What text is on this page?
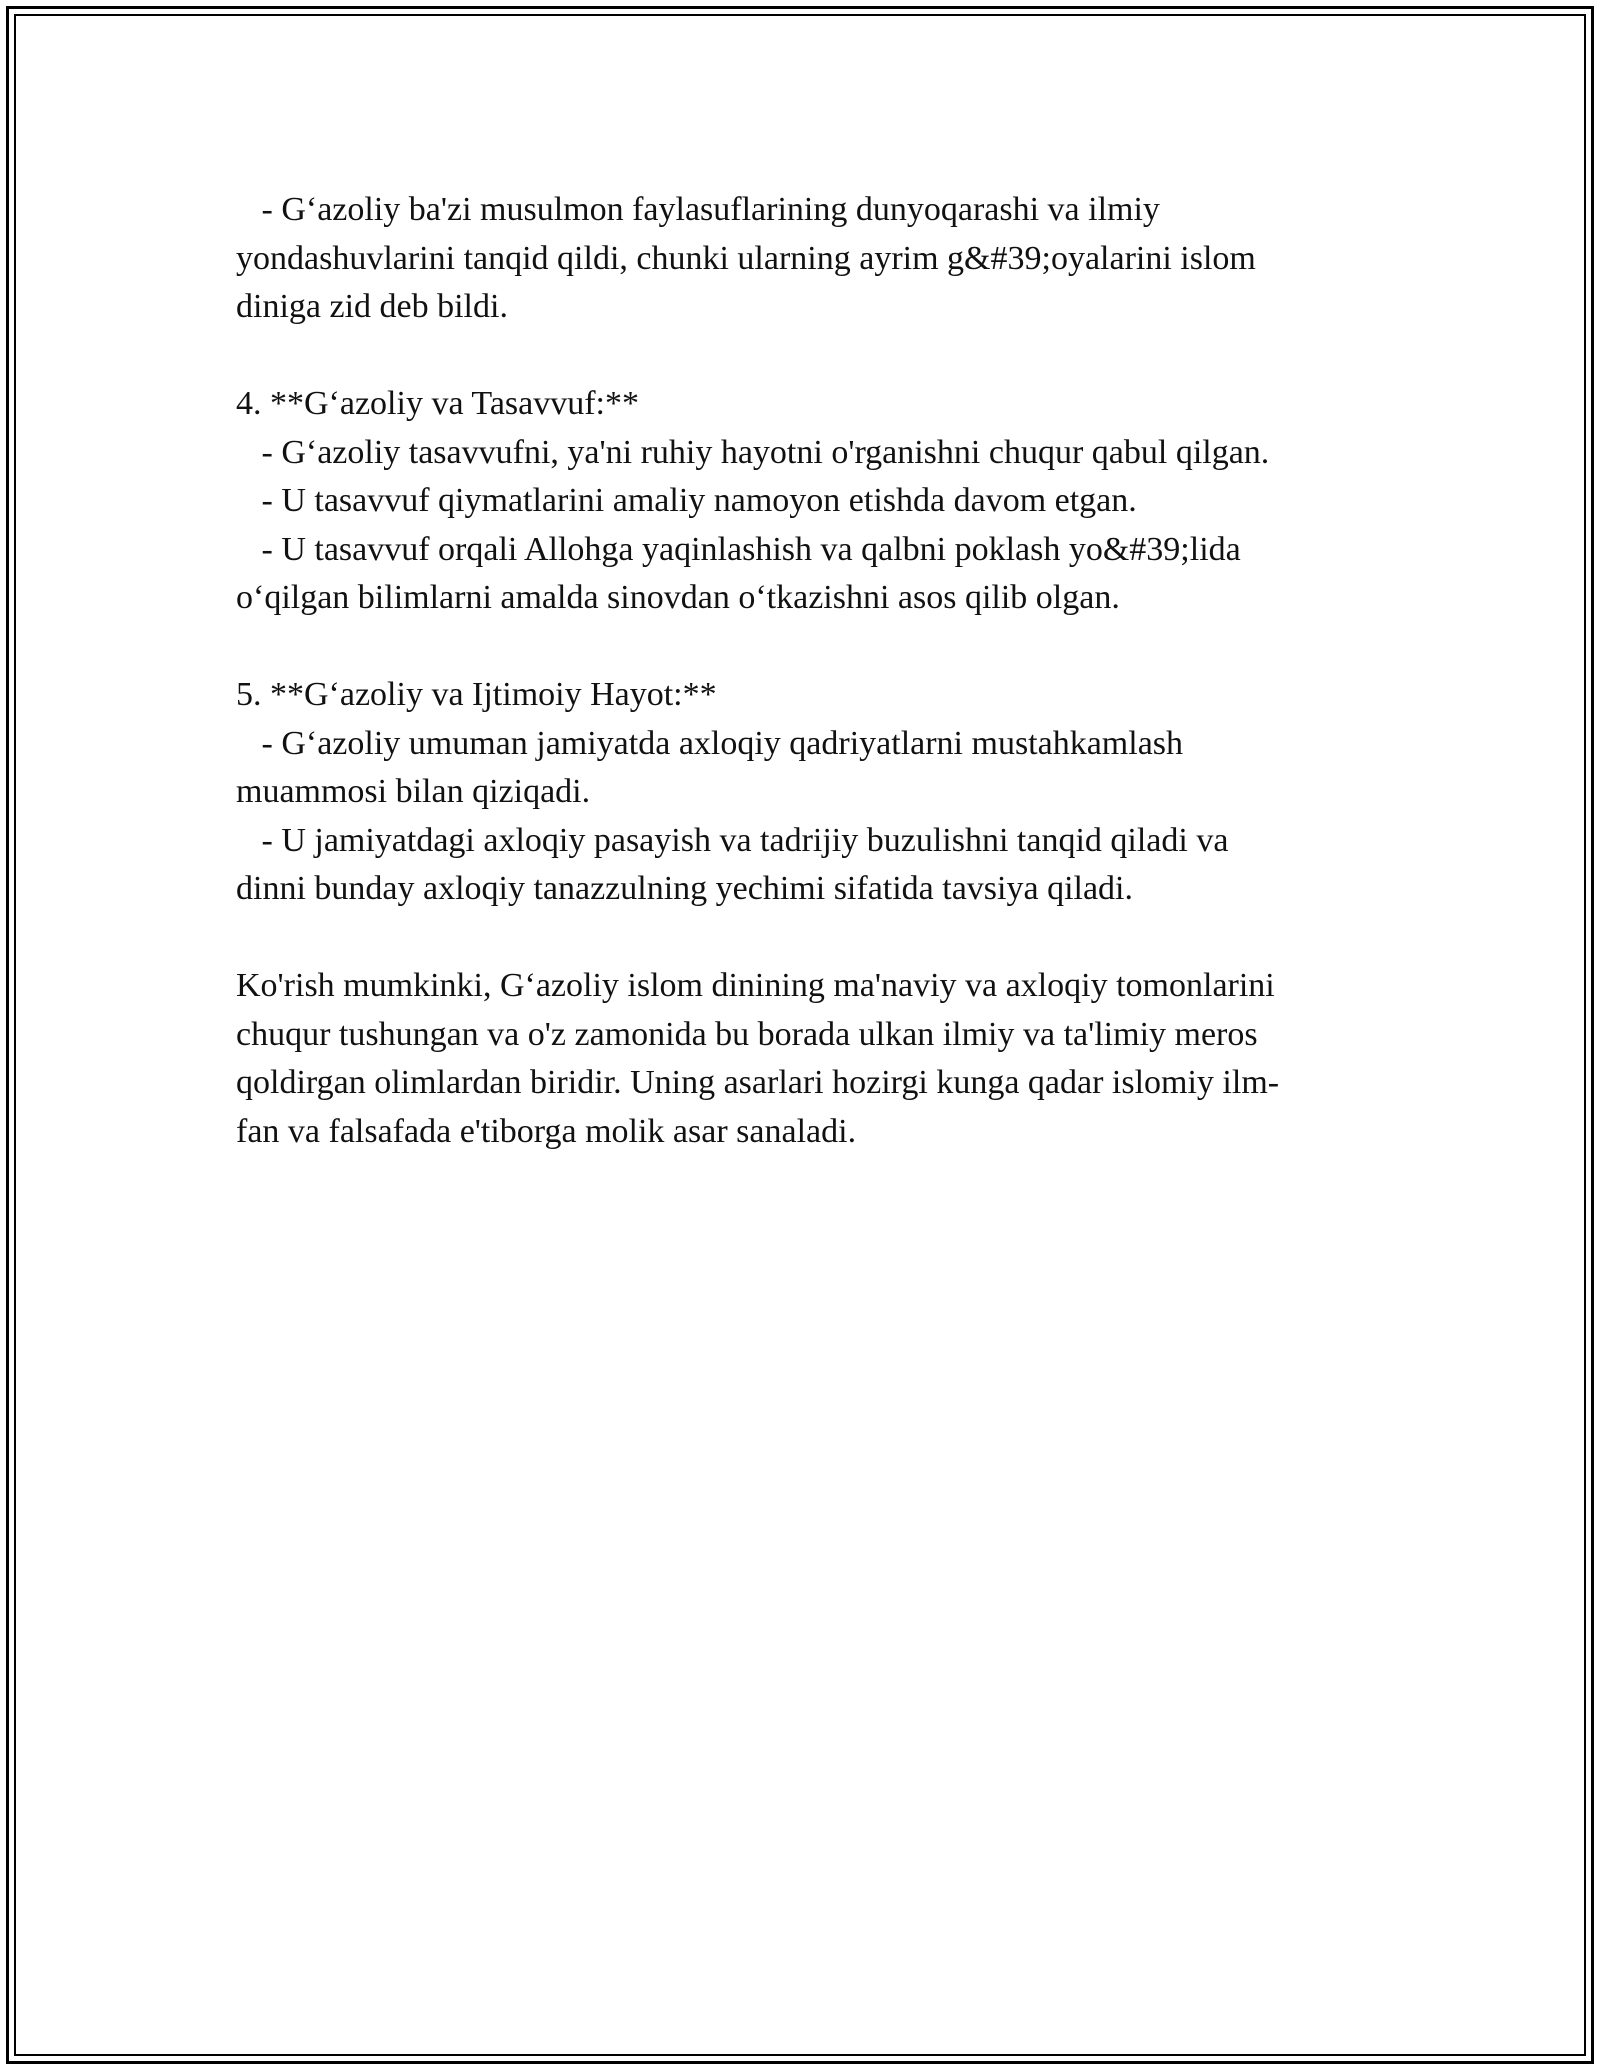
- G‘azoliy ba'zi musulmon faylasuflarining dunyoqarashi va ilmiy
yondashuvlarini tanqid qildi, chunki ularning ayrim g&#39;oyalarini islom
diniga zid deb bildi.

4. **G‘azoliy va Tasavvuf:**
- G‘azoliy tasavvufni, ya'ni ruhiy hayotni o'rganishni chuqur qabul qilgan.
- U tasavvuf qiymatlarini amaliy namoyon etishda davom etgan.
- U tasavvuf orqali Allohga yaqinlashish va qalbni poklash yo&#39;lida
o‘qilgan bilimlarni amalda sinovdan o‘tkazishni asos qilib olgan.

5. **G‘azoliy va Ijtimoiy Hayot:**
- G‘azoliy umuman jamiyatda axloqiy qadriyatlarni mustahkamlash
muammosi bilan qiziqadi.
- U jamiyatdagi axloqiy pasayish va tadrijiy buzulishni tanqid qiladi va
dinni bunday axloqiy tanazzulning yechimi sifatida tavsiya qiladi.

Ko'rish mumkinki, G‘azoliy islom dinining ma'naviy va axloqiy tomonlarini
chuqur tushungan va o'z zamonida bu borada ulkan ilmiy va ta'limiy meros
qoldirgan olimlardan biridir. Uning asarlari hozirgi kunga qadar islomiy ilm-
fan va falsafada e'tiborga molik asar sanaladi.
